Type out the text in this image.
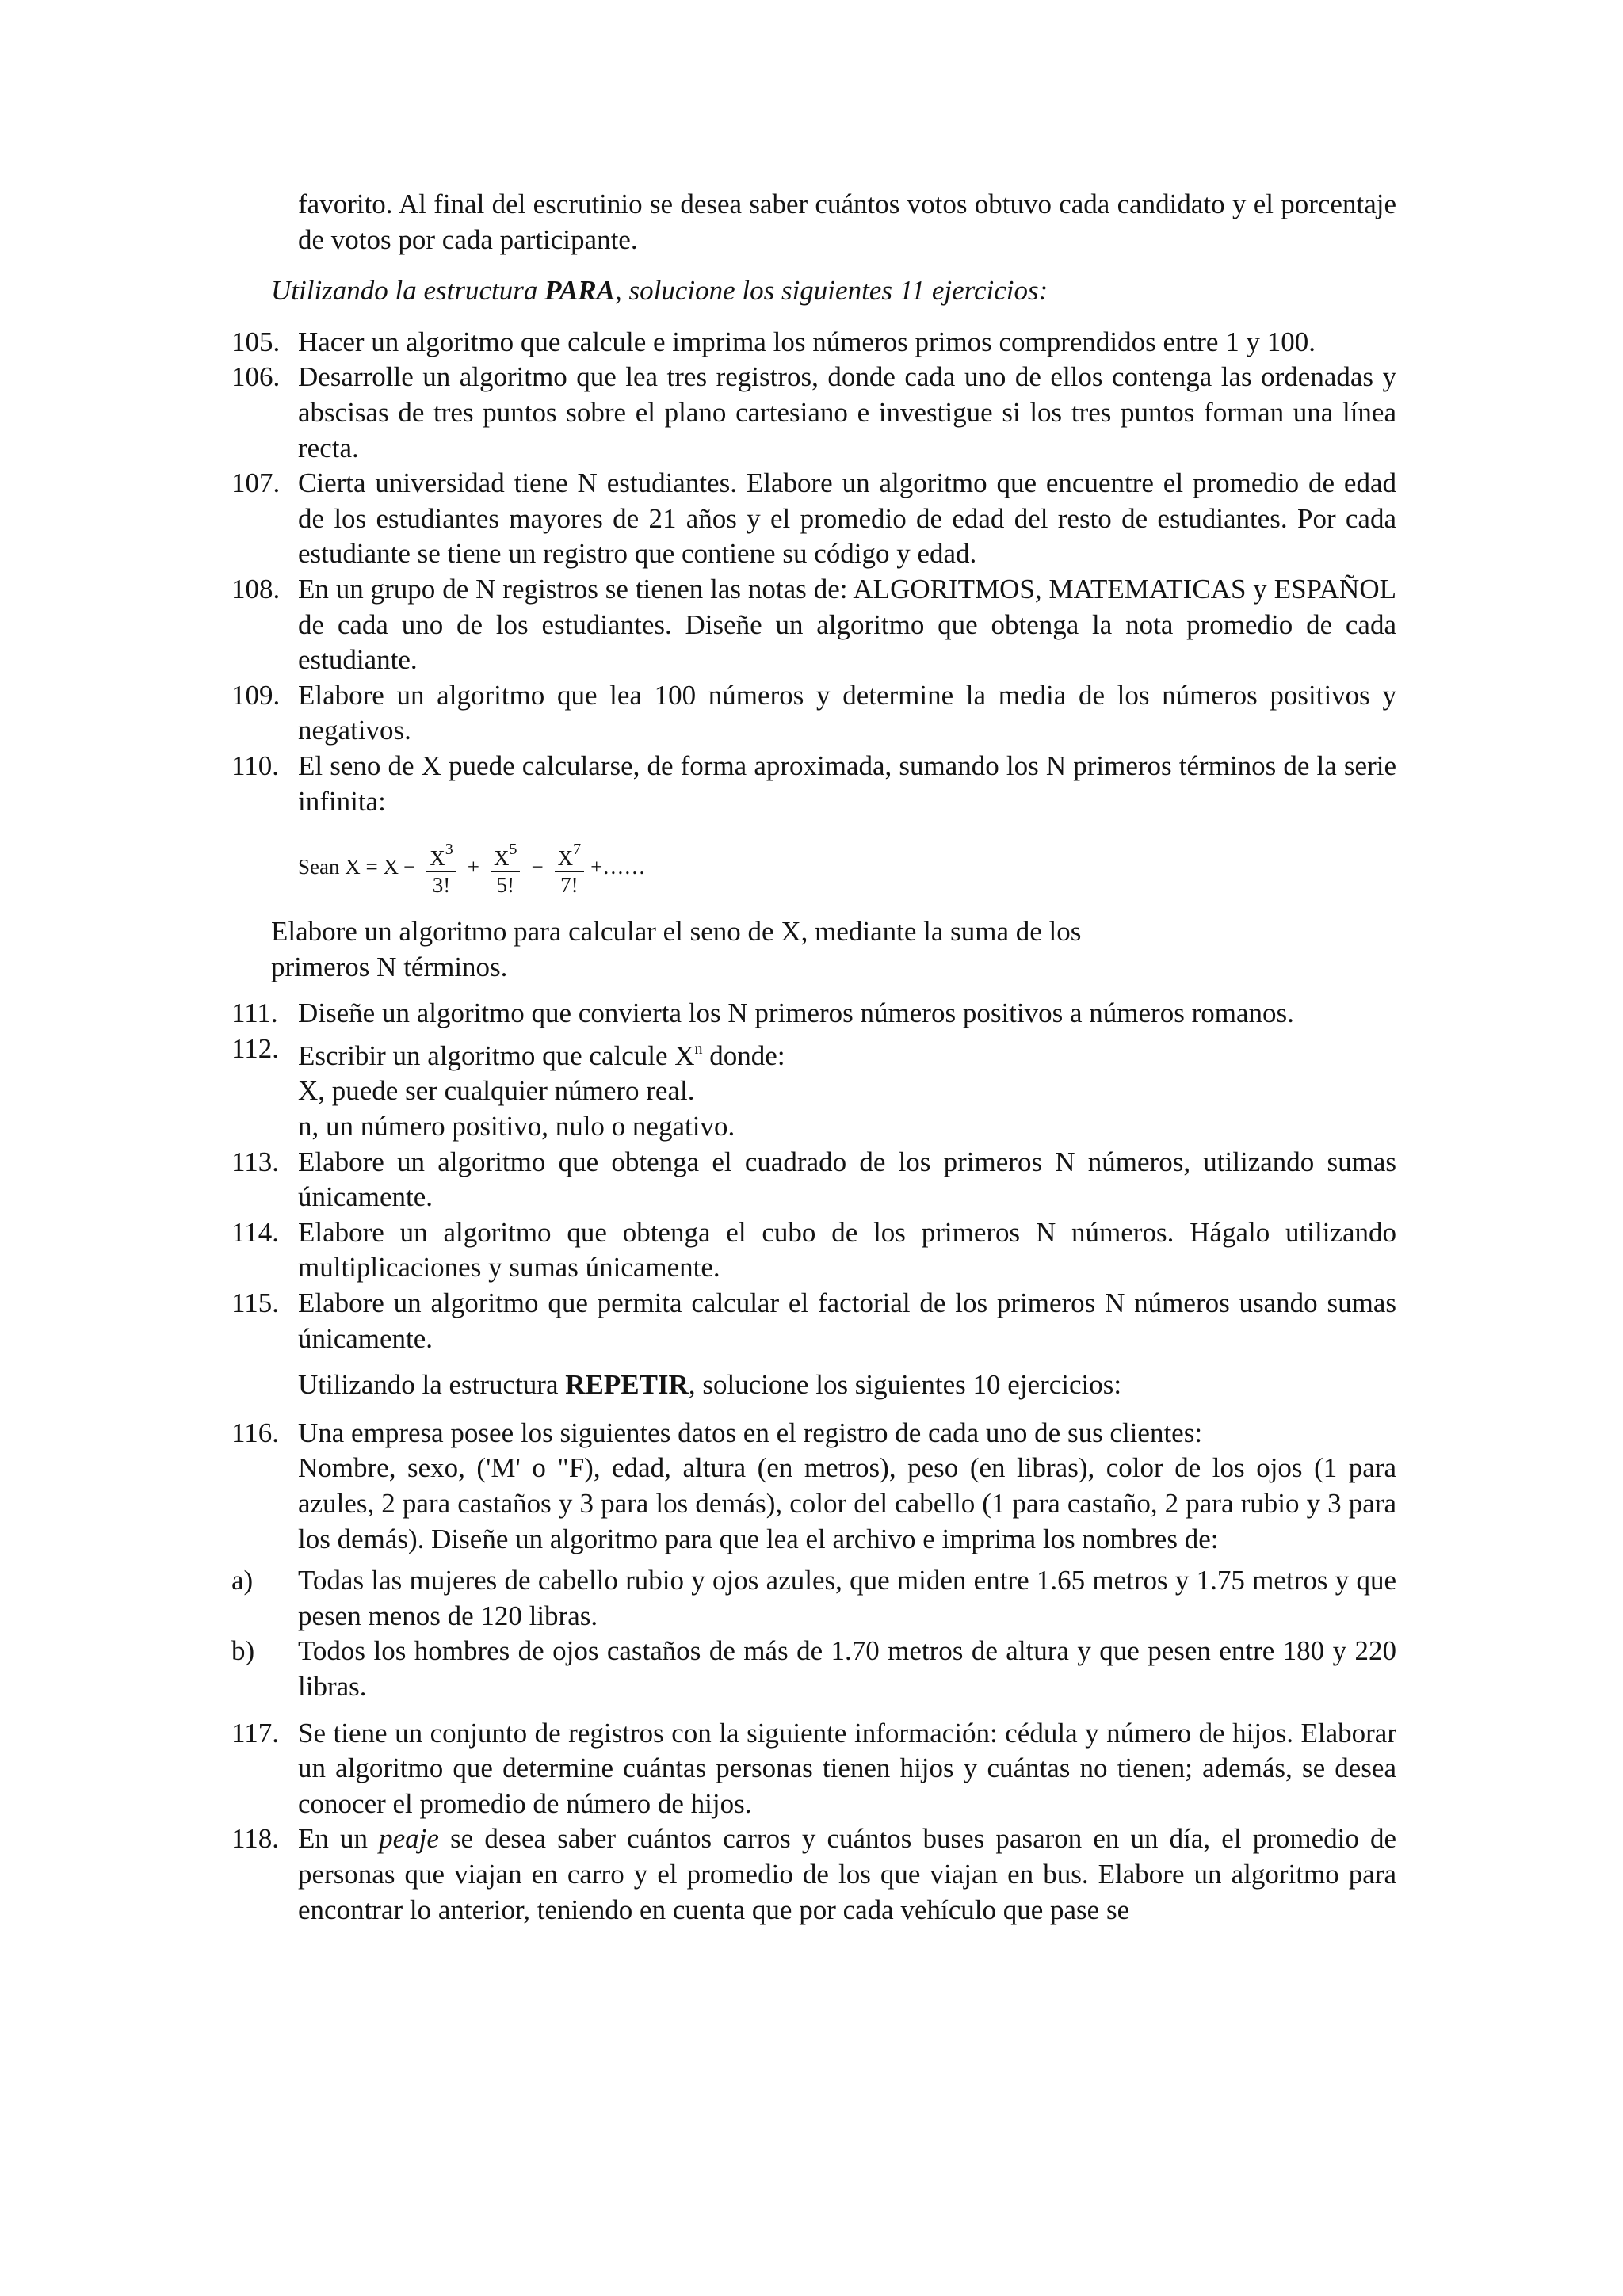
favorito. Al final del escrutinio se desea saber cuántos votos obtuvo cada candidato y el porcentaje de votos por cada participante.

Utilizando la estructura PARA, solucione los siguientes 11 ejercicios:

105. Hacer un algoritmo que calcule e imprima los números primos comprendidos entre 1 y 100.
106. Desarrolle un algoritmo que lea tres registros, donde cada uno de ellos contenga las ordenadas y abscisas de tres puntos sobre el plano cartesiano e investigue si los tres puntos forman una línea recta.
107. Cierta universidad tiene N estudiantes. Elabore un algoritmo que encuentre el promedio de edad de los estudiantes mayores de 21 años y el promedio de edad del resto de estudiantes. Por cada estudiante se tiene un registro que contiene su código y edad.
108. En un grupo de N registros se tienen las notas de: ALGORITMOS, MATEMATICAS y ESPAÑOL de cada uno de los estudiantes. Diseñe un algoritmo que obtenga la nota promedio de cada estudiante.
109. Elabore un algoritmo que lea 100 números y determine la media de los números positivos y negativos.
110. El seno de X puede calcularse, de forma aproximada, sumando los N primeros términos de la serie infinita:
Sean $X = X - \frac{X^3}{3!} + \frac{X^5}{5!} - \frac{X^7}{7!}$ +……

Elabore un algoritmo para calcular el seno de X, mediante la suma de los

primeros N términos.

111. Diseñe un algoritmo que convierta los N primeros números positivos a números romanos.
112. Escribir un algoritmo que calcule $X^n$ donde:

X, puede ser cualquier número real.

n, un número positivo, nulo o negativo.

113. Elabore un algoritmo que obtenga el cuadrado de los primeros N números, utilizando sumas únicamente.
114. Elabore un algoritmo que obtenga el cubo de los primeros N números. Hágalo utilizando multiplicaciones y sumas únicamente.
115. Elabore un algoritmo que permita calcular el factorial de los primeros N números usando sumas únicamente.

Utilizando la estructura REPETIR, solucione los siguientes 10 ejercicios:

116. Una empresa posee los siguientes datos en el registro de cada uno de sus clientes:

Nombre, sexo, ('M' o "F), edad, altura (en metros), peso (en libras), color de los ojos (1 para azules, 2 para castaños y 3 para los demás), color del cabello (1 para castaño, 2 para rubio y 3 para los demás). Diseñe un algoritmo para que lea el archivo e imprima los nombres de:

a)	Todas las mujeres de cabello rubio y ojos azules, que miden entre 1.65 metros y 1.75 metros y que pesen menos de 120 libras.
b)	Todos los hombres de ojos castaños de más de 1.70 metros de altura y que pesen entre 180 y 220 libras.
117. Se tiene un conjunto de registros con la siguiente información: cédula y número de hijos. Elaborar un algoritmo que determine cuántas personas tienen hijos y cuántas no tienen; además, se desea conocer el promedio de número de hijos.
118. En un peaje se desea saber cuántos carros y cuántos buses pasaron en un día, el promedio de personas que viajan en carro y el promedio de los que viajan en bus. Elabore un algoritmo para encontrar lo anterior, teniendo en cuenta que por cada vehículo que pase se
